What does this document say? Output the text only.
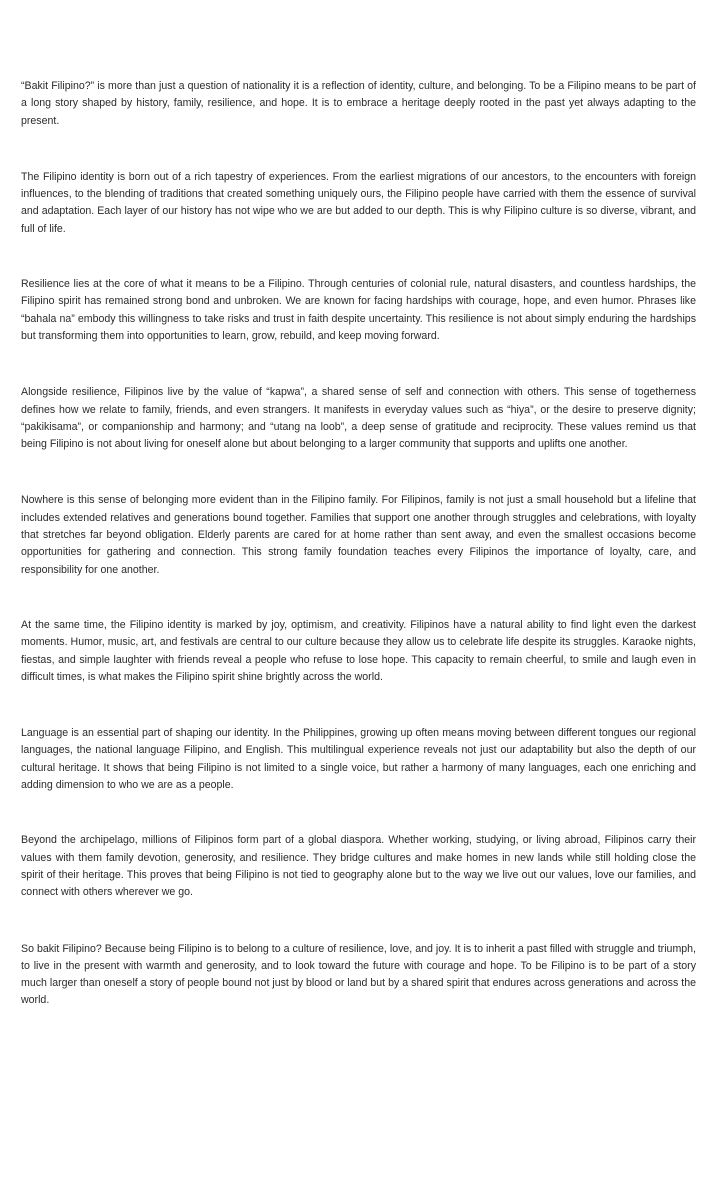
“Bakit Filipino?” is more than just a question of nationality it is a reflection of identity, culture, and belonging. To be a Filipino means to be part of a long story shaped by history, family, resilience, and hope. It is to embrace a heritage deeply rooted in the past yet always adapting to the present.

The Filipino identity is born out of a rich tapestry of experiences. From the earliest migrations of our ancestors, to the encounters with foreign influences, to the blending of traditions that created something uniquely ours, the Filipino people have carried with them the essence of survival and adaptation. Each layer of our history has not wipe who we are but added to our depth. This is why Filipino culture is so diverse, vibrant, and full of life.

Resilience lies at the core of what it means to be a Filipino. Through centuries of colonial rule, natural disasters, and countless hardships, the Filipino spirit has remained strong bond and unbroken. We are known for facing hardships with courage, hope, and even humor. Phrases like “bahala na” embody this willingness to take risks and trust in faith despite uncertainty. This resilience is not about simply enduring the hardships but transforming them into opportunities to learn, grow, rebuild, and keep moving forward.

Alongside resilience, Filipinos live by the value of “kapwa”, a shared sense of self and connection with others. This sense of togetherness defines how we relate to family, friends, and even strangers. It manifests in everyday values such as “hiya”, or the desire to preserve dignity; “pakikisama”, or companionship and harmony; and “utang na loob”, a deep sense of gratitude and reciprocity. These values remind us that being Filipino is not about living for oneself alone but about belonging to a larger community that supports and uplifts one another.

Nowhere is this sense of belonging more evident than in the Filipino family. For Filipinos, family is not just a small household but a lifeline that includes extended relatives and generations bound together. Families that support one another through struggles and celebrations, with loyalty that stretches far beyond obligation. Elderly parents are cared for at home rather than sent away, and even the smallest occasions become opportunities for gathering and connection. This strong family foundation teaches every Filipinos the importance of loyalty, care, and responsibility for one another.

At the same time, the Filipino identity is marked by joy, optimism, and creativity. Filipinos have a natural ability to find light even the darkest moments. Humor, music, art, and festivals are central to our culture because they allow us to celebrate life despite its struggles. Karaoke nights, fiestas, and simple laughter with friends reveal a people who refuse to lose hope. This capacity to remain cheerful, to smile and laugh even in difficult times, is what makes the Filipino spirit shine brightly across the world.

Language is an essential part of shaping our identity. In the Philippines, growing up often means moving between different tongues our regional languages, the national language Filipino, and English. This multilingual experience reveals not just our adaptability but also the depth of our cultural heritage. It shows that being Filipino is not limited to a single voice, but rather a harmony of many languages, each one enriching and adding dimension to who we are as a people.

Beyond the archipelago, millions of Filipinos form part of a global diaspora. Whether working, studying, or living abroad, Filipinos carry their values with them family devotion, generosity, and resilience. They bridge cultures and make homes in new lands while still holding close the spirit of their heritage. This proves that being Filipino is not tied to geography alone but to the way we live out our values, love our families, and connect with others wherever we go.

So bakit Filipino? Because being Filipino is to belong to a culture of resilience, love, and joy. It is to inherit a past filled with struggle and triumph, to live in the present with warmth and generosity, and to look toward the future with courage and hope. To be Filipino is to be part of a story much larger than oneself a story of people bound not just by blood or land but by a shared spirit that endures across generations and across the world.
